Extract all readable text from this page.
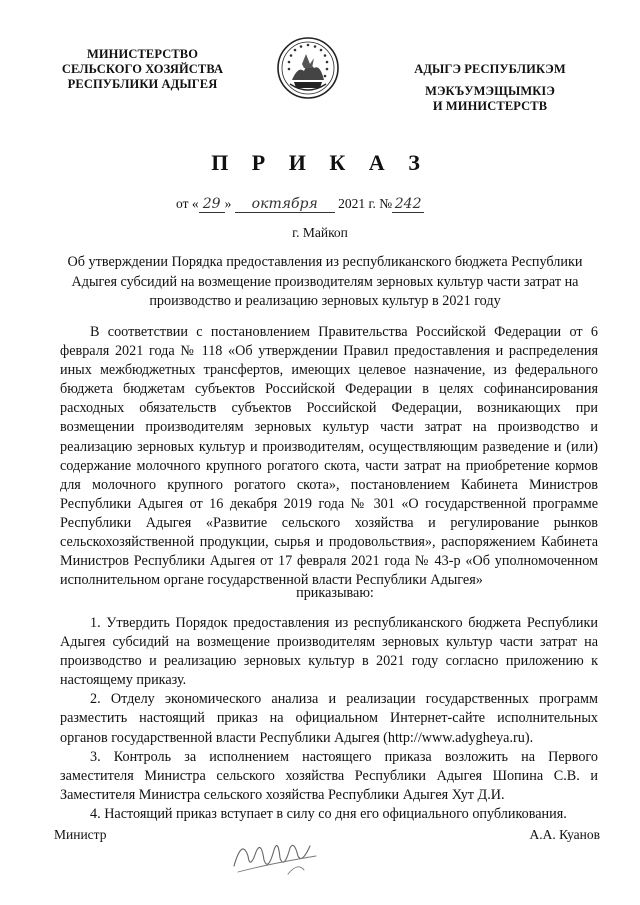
МИНИСТЕРСТВО
СЕЛЬСКОГО ХОЗЯЙСТВА
РЕСПУБЛИКИ АДЫГЕЯ
АДЫГЭ РЕСПУБЛИКЭМ
МЭКЪУМЭЩЫМКIЭ
И МИНИСТЕРСТВ
П Р И К А З
от « 29 » октября 2021 г. № 242
г. Майкоп
Об утверждении Порядка предоставления из республиканского бюджета Республики Адыгея субсидий на возмещение производителям зерновых культур части затрат на производство и реализацию зерновых культур в 2021 году
В соответствии с постановлением Правительства Российской Федерации от 6 февраля 2021 года № 118 «Об утверждении Правил предоставления и распределения иных межбюджетных трансфертов, имеющих целевое назначение, из федерального бюджета бюджетам субъектов Российской Федерации в целях софинансирования расходных обязательств субъектов Российской Федерации, возникающих при возмещении производителям зерновых культур части затрат на производство и реализацию зерновых культур и производителям, осуществляющим разведение и (или) содержание молочного крупного рогатого скота, части затрат на приобретение кормов для молочного крупного рогатого скота», постановлением Кабинета Министров Республики Адыгея от 16 декабря 2019 года № 301 «О государственной программе Республики Адыгея «Развитие сельского хозяйства и регулирование рынков сельскохозяйственной продукции, сырья и продовольствия», распоряжением Кабинета Министров Республики Адыгея от 17 февраля 2021 года № 43-р «Об уполномоченном исполнительном органе государственной власти Республики Адыгея»
приказываю:

1. Утвердить Порядок предоставления из республиканского бюджета Республики Адыгея субсидий на возмещение производителям зерновых культур части затрат на производство и реализацию зерновых культур в 2021 году согласно приложению к настоящему приказу.

2. Отделу экономического анализа и реализации государственных программ разместить настоящий приказ на официальном Интернет-сайте исполнительных органов государственной власти Республики Адыгея (http://www.adygheya.ru).

3. Контроль за исполнением настоящего приказа возложить на Первого заместителя Министра сельского хозяйства Республики Адыгея Шопина С.В. и Заместителя Министра сельского хозяйства Республики Адыгея Хут Д.И.

4. Настоящий приказ вступает в силу со дня его официального опубликования.

Министр	А.А. Куанов
